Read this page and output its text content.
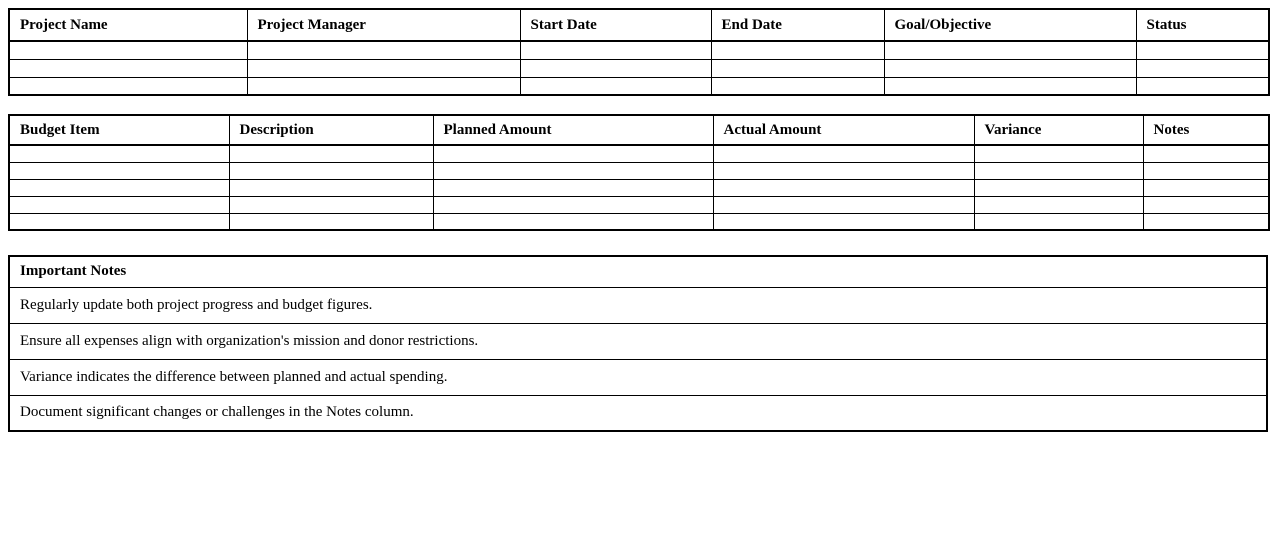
Project Name	Project Manager	Start Date	End Date	Goal/Objective	Status

Budget Item	Description	Planned Amount	Actual Amount	Variance	Notes

Important Notes
Regularly update both project progress and budget figures.
Ensure all expenses align with organization's mission and donor restrictions.
Variance indicates the difference between planned and actual spending.
Document significant changes or challenges in the Notes column.
